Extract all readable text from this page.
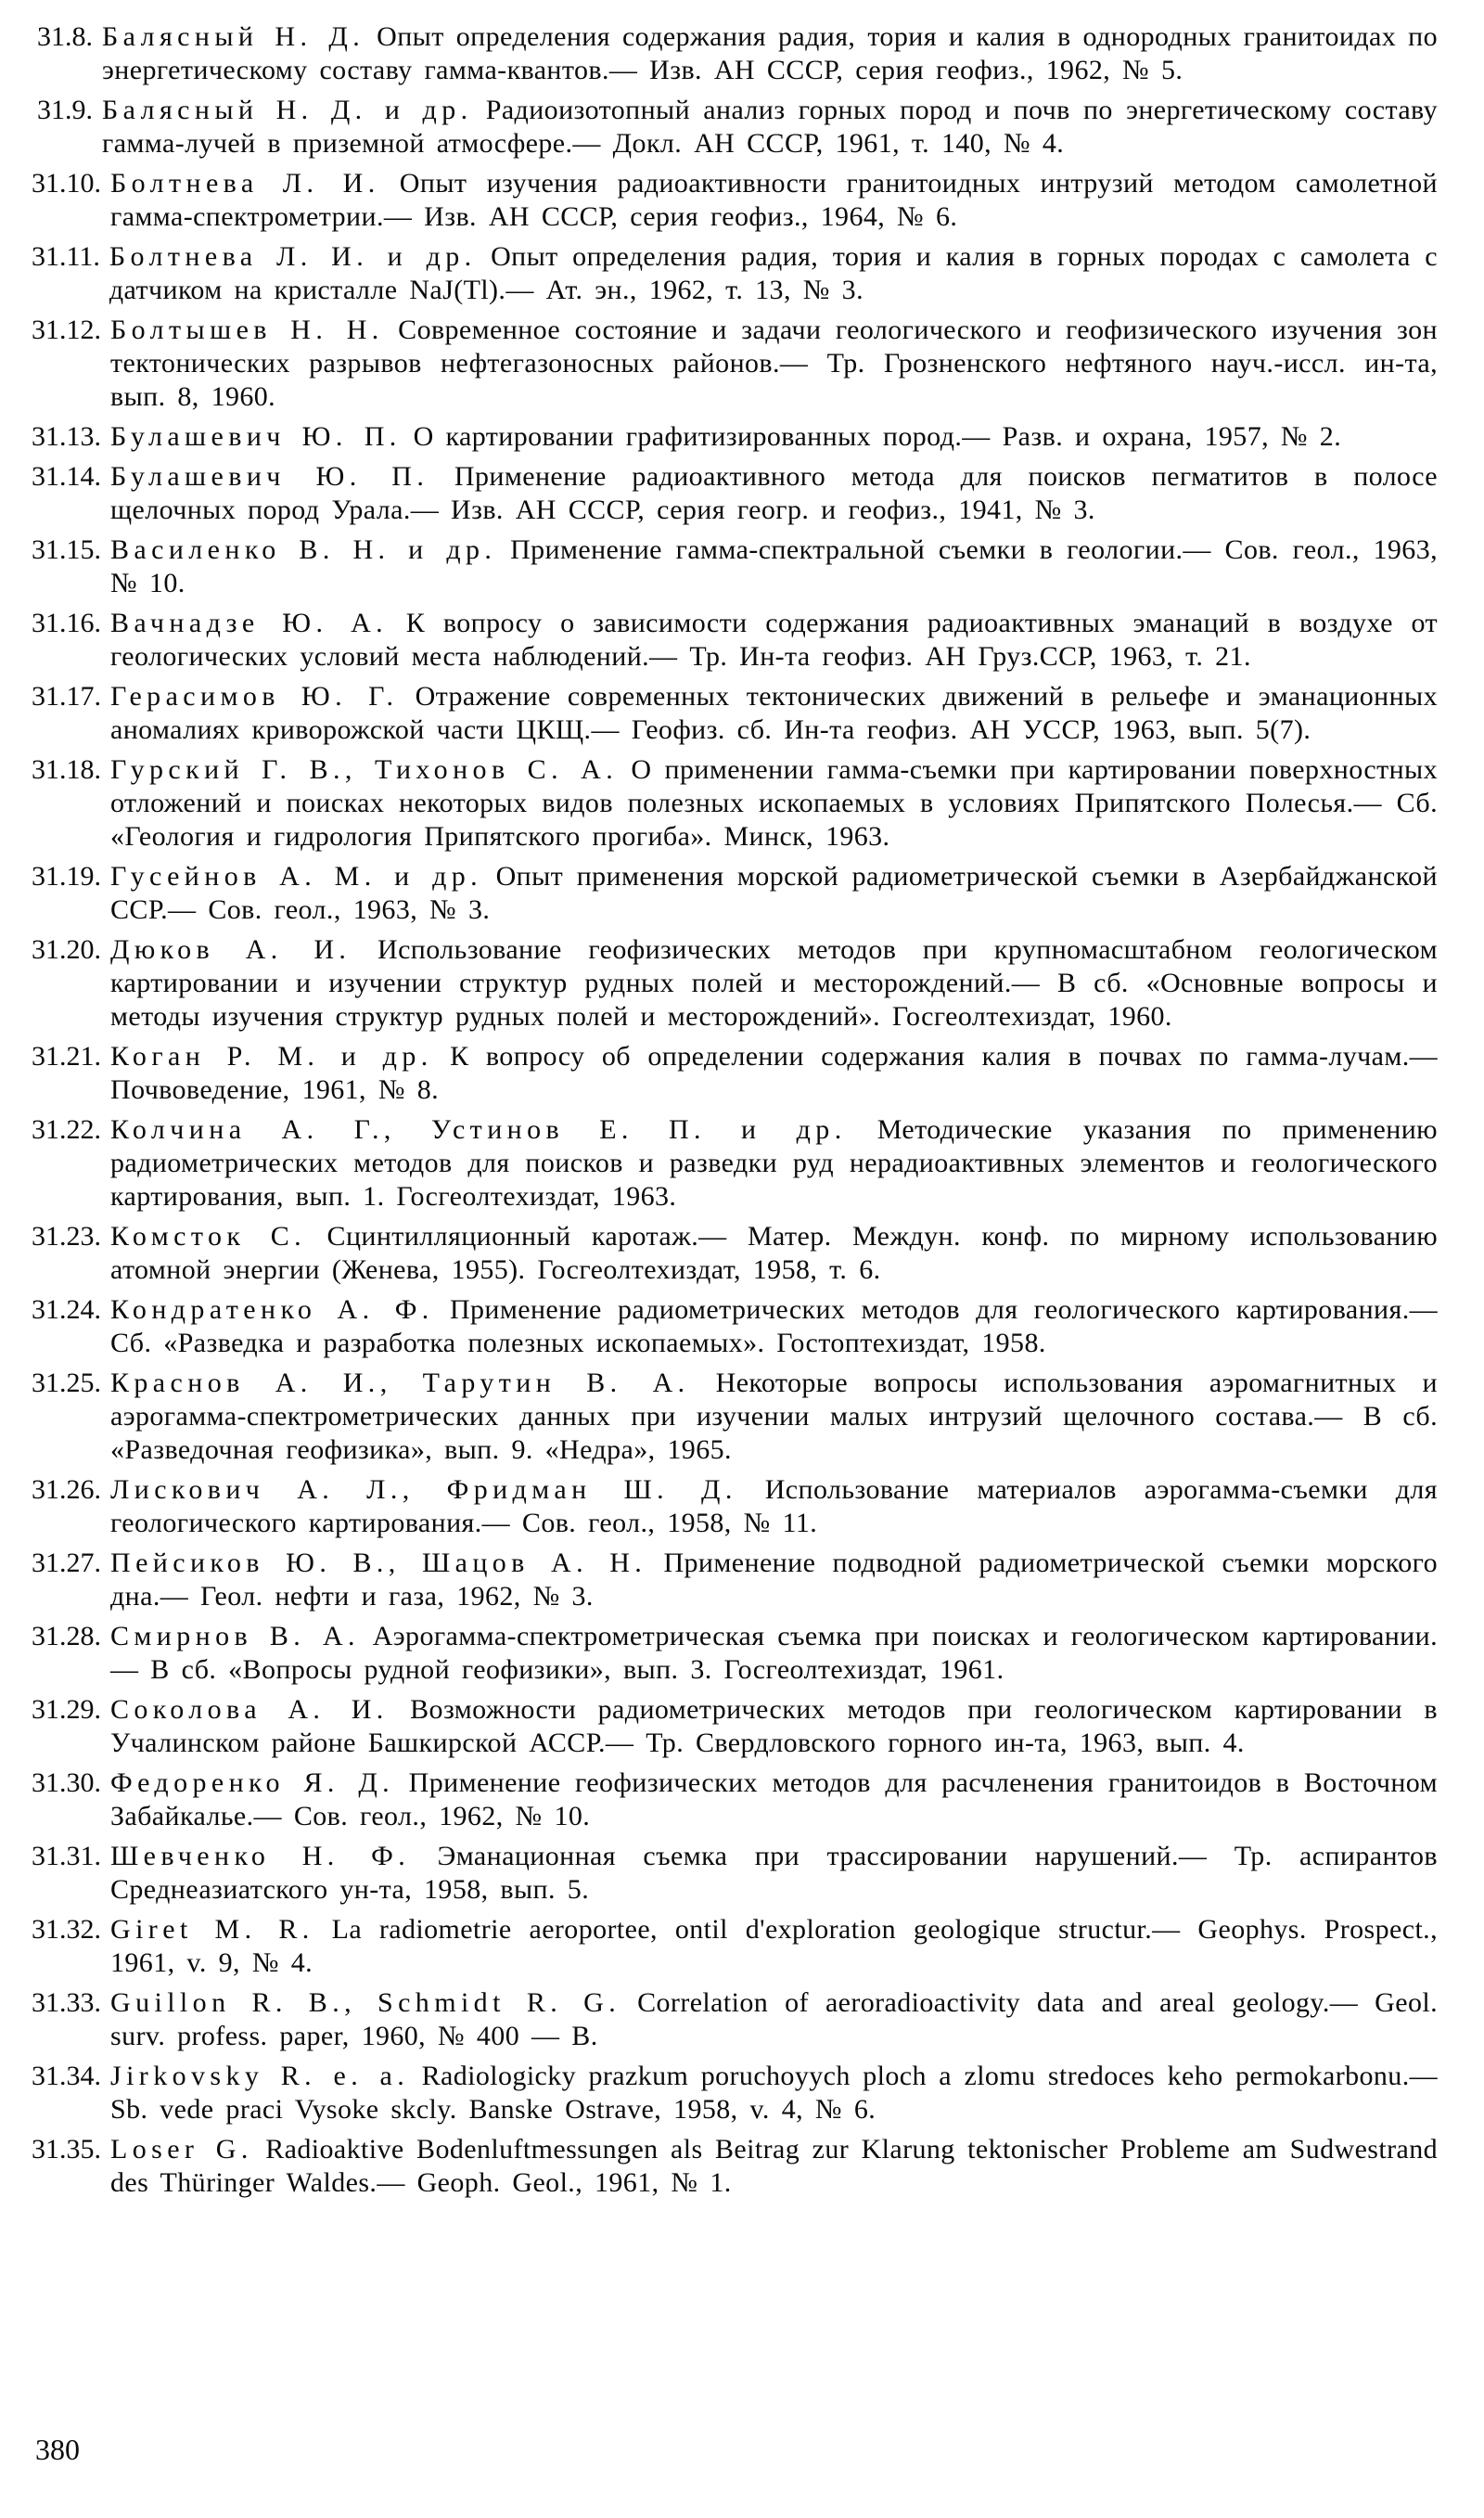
31.8. Балясный Н. Д. Опыт определения содержания радия, тория и калия в однородных гранитоидах по энергетическому составу гамма-квантов.— Изв. АН СССР, серия геофиз., 1962, № 5.
31.9. Балясный Н. Д. и др. Радиоизотопный анализ горных пород и почв по энергетическому составу гамма-лучей в приземной атмосфере.— Докл. АН СССР, 1961, т. 140, № 4.
31.10. Болтнева Л. И. Опыт изучения радиоактивности гранитоидных интрузий методом самолетной гамма-спектрометрии.— Изв. АН СССР, серия геофиз., 1964, № 6.
31.11. Болтнева Л. И. и др. Опыт определения радия, тория и калия в горных породах с самолета с датчиком на кристалле NaJ(Tl).— Ат. эн., 1962, т. 13, № 3.
31.12. Болтышев Н. Н. Современное состояние и задачи геологического и геофизического изучения зон тектонических разрывов нефтегазоносных районов.— Тр. Грозненского нефтяного науч.-иссл. ин-та, вып. 8, 1960.
31.13. Булашевич Ю. П. О картировании графитизированных пород.— Разв. и охрана, 1957, № 2.
31.14. Булашевич Ю. П. Применение радиоактивного метода для поисков пегматитов в полосе щелочных пород Урала.— Изв. АН СССР, серия геогр. и геофиз., 1941, № 3.
31.15. Василенко В. Н. и др. Применение гамма-спектральной съемки в геологии.— Сов. геол., 1963, № 10.
31.16. Вачнадзе Ю. А. К вопросу о зависимости содержания радиоактивных эманаций в воздухе от геологических условий места наблюдений.— Тр. Ин-та геофиз. АН Груз.ССР, 1963, т. 21.
31.17. Герасимов Ю. Г. Отражение современных тектонических движений в рельефе и эманационных аномалиях криворожской части ЦКЩ.— Геофиз. сб. Ин-та геофиз. АН УССР, 1963, вып. 5(7).
31.18. Гурский Г. В., Тихонов С. А. О применении гамма-съемки при картировании поверхностных отложений и поисках некоторых видов полезных ископаемых в условиях Припятского Полесья.— Сб. «Геология и гидрология Припятского прогиба». Минск, 1963.
31.19. Гусейнов А. М. и др. Опыт применения морской радиометрической съемки в Азербайджанской ССР.— Сов. геол., 1963, № 3.
31.20. Дюков А. И. Использование геофизических методов при крупномасштабном геологическом картировании и изучении структур рудных полей и месторождений.— В сб. «Основные вопросы и методы изучения структур рудных полей и месторождений». Госгеолтехиздат, 1960.
31.21. Коган Р. М. и др. К вопросу об определении содержания калия в почвах по гамма-лучам.— Почвоведение, 1961, № 8.
31.22. Колчина А. Г., Устинов Е. П. и др. Методические указания по применению радиометрических методов для поисков и разведки руд нерадиоактивных элементов и геологического картирования, вып. 1. Госгеолтехиздат, 1963.
31.23. Комсток С. Сцинтилляционный каротаж.— Матер. Междун. конф. по мирному использованию атомной энергии (Женева, 1955). Госгеолтехиздат, 1958, т. 6.
31.24. Кондратенко А. Ф. Применение радиометрических методов для геологического картирования.— Сб. «Разведка и разработка полезных ископаемых». Гостоптехиздат, 1958.
31.25. Краснов А. И., Тарутин В. А. Некоторые вопросы использования аэромагнитных и аэрогамма-спектрометрических данных при изучении малых интрузий щелочного состава.— В сб. «Разведочная геофизика», вып. 9. «Недра», 1965.
31.26. Лискович А. Л., Фридман Ш. Д. Использование материалов аэрогамма-съемки для геологического картирования.— Сов. геол., 1958, № 11.
31.27. Пейсиков Ю. В., Шацов А. Н. Применение подводной радиометрической съемки морского дна.— Геол. нефти и газа, 1962, № 3.
31.28. Смирнов В. А. Аэрогамма-спектрометрическая съемка при поисках и геологическом картировании.— В сб. «Вопросы рудной геофизики», вып. 3. Госгеолтехиздат, 1961.
31.29. Соколова А. И. Возможности радиометрических методов при геологическом картировании в Учалинском районе Башкирской АССР.— Тр. Свердловского горного ин-та, 1963, вып. 4.
31.30. Федоренко Я. Д. Применение геофизических методов для расчленения гранитоидов в Восточном Забайкалье.— Сов. геол., 1962, № 10.
31.31. Шевченко Н. Ф. Эманационная съемка при трассировании нарушений.— Тр. аспирантов Среднеазиатского ун-та, 1958, вып. 5.
31.32. Giret M. R. La radiometrie aeroportee, ontil d'exploration geologique structur.— Geophys. Prospect., 1961, v. 9, № 4.
31.33. Guillon R. B., Schmidt R. G. Correlation of aeroradioactivity data and areal geology.— Geol. surv. profess. paper, 1960, № 400 — B.
31.34. Jirkovsky R. e. a. Radiologicky prazkum poruchoyych ploch a zlomu stredoces keho permokarbonu.— Sb. vede praci Vysoke skcly. Banske Ostrave, 1958, v. 4, № 6.
31.35. Loser G. Radioaktive Bodenluftmessungen als Beitrag zur Klarung tektonischer Probleme am Sudwestrand des Thüringer Waldes.— Geoph. Geol., 1961, № 1.
380
